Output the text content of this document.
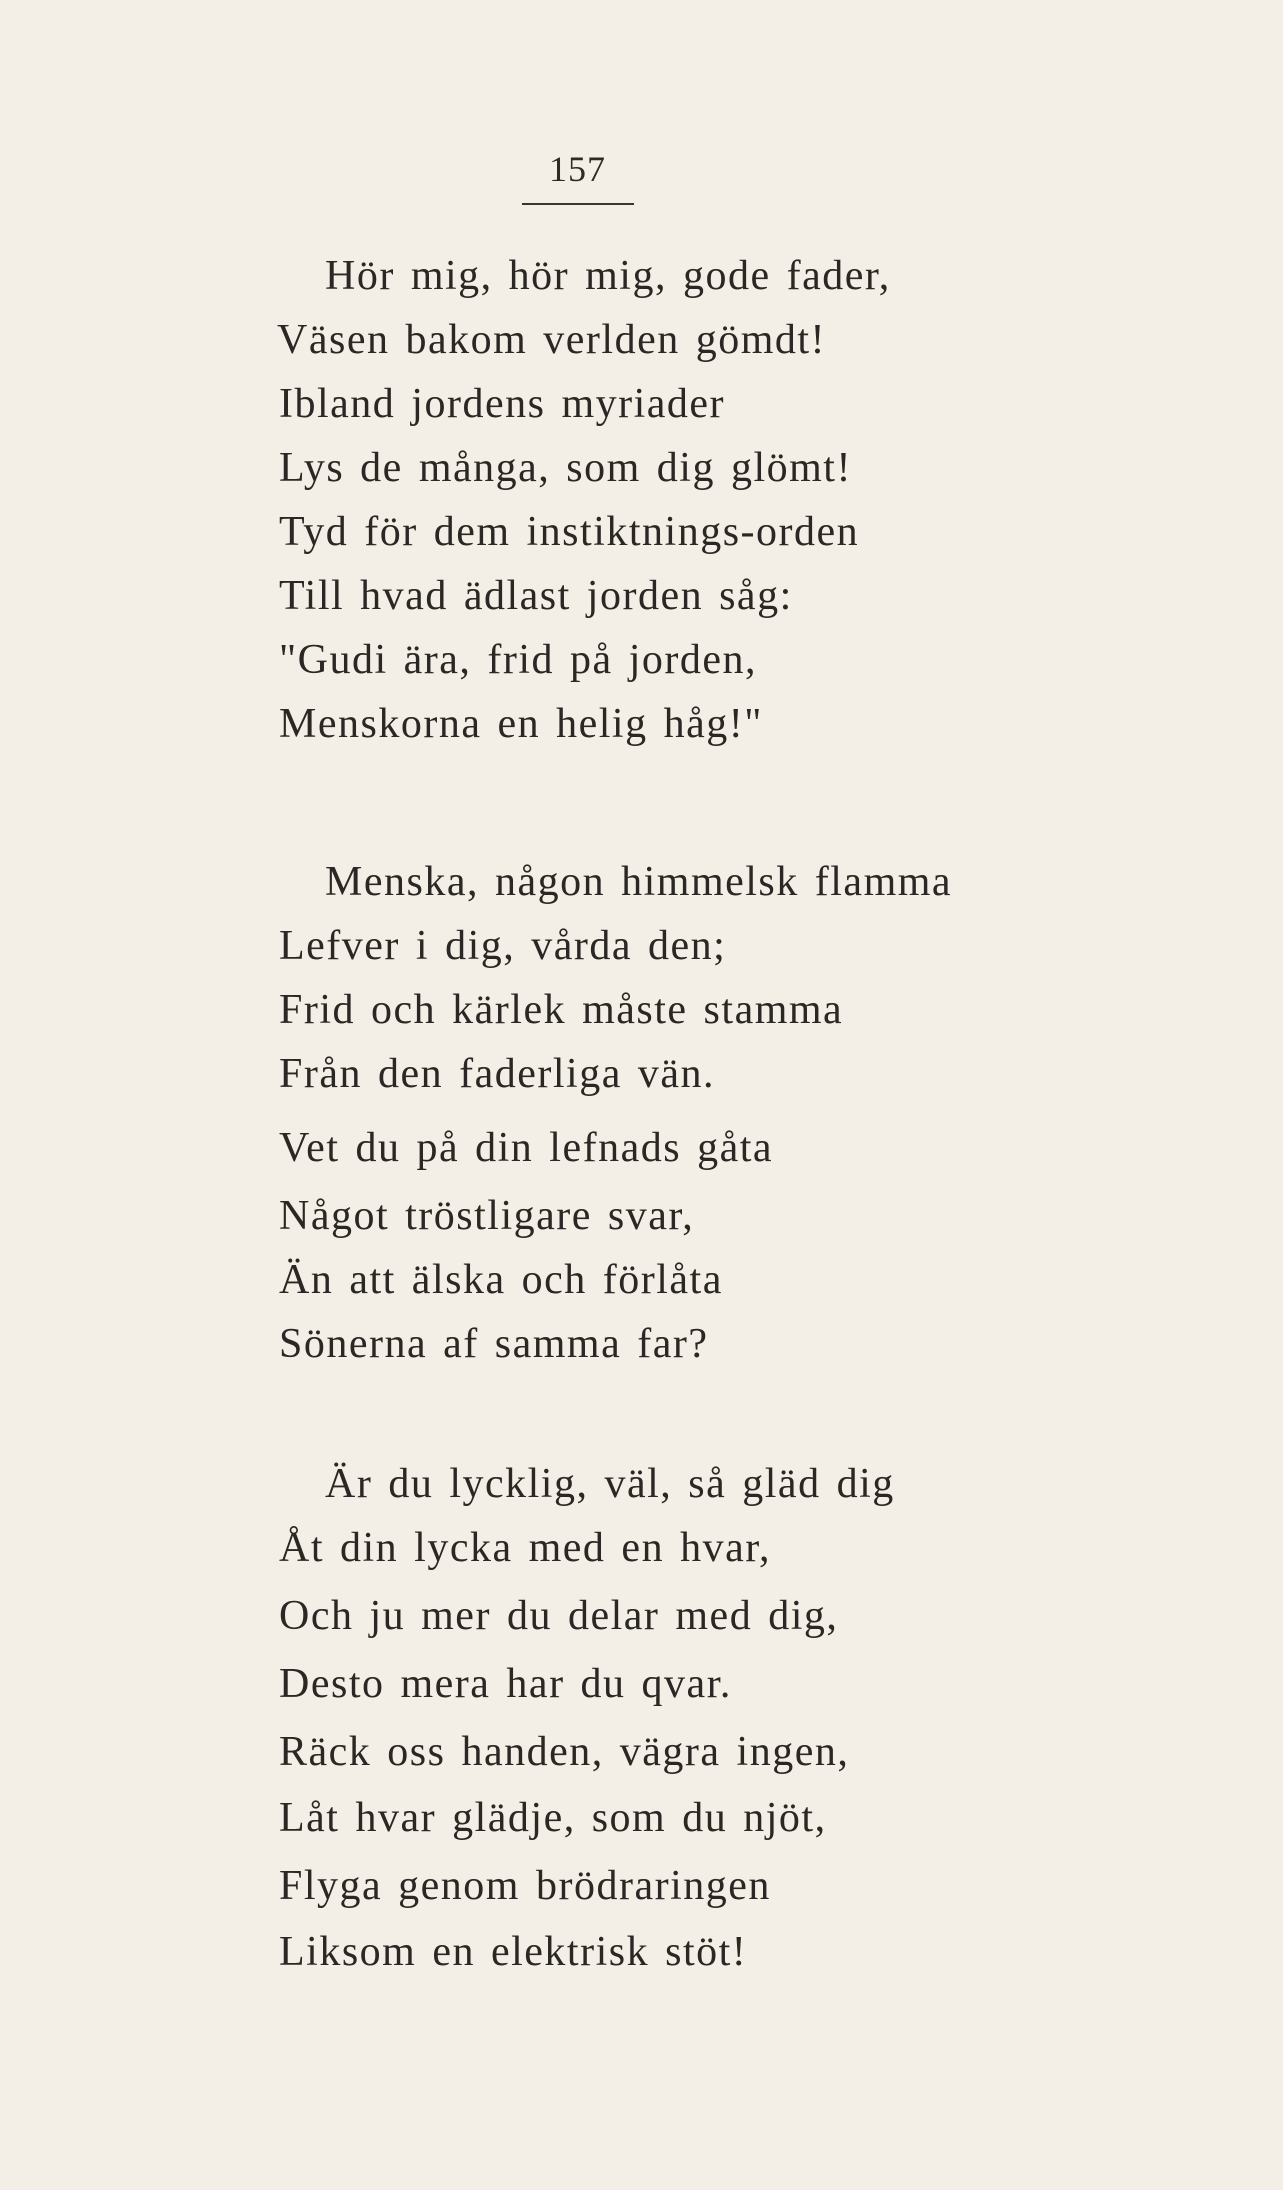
157
Hör mig, hör mig, gode fader,
Väsen bakom verlden gömdt!
Ibland jordens myriader
Lys de många, som dig glömt!
Tyd för dem instiktnings-orden
Till hvad ädlast jorden såg:
"Gudi ära, frid på jorden,
Menskorna en helig håg!"
Menska, någon himmelsk flamma
Lefver i dig, vårda den;
Frid och kärlek måste stamma
Från den faderliga vän.
Vet du på din lefnads gåta
Något tröstligare svar,
Än att älska och förlåta
Sönerna af samma far?
Är du lycklig, väl, så gläd dig
Åt din lycka med en hvar,
Och ju mer du delar med dig,
Desto mera har du qvar.
Räck oss handen, vägra ingen,
Låt hvar glädje, som du njöt,
Flyga genom brödraringen
Liksom en elektrisk stöt!
